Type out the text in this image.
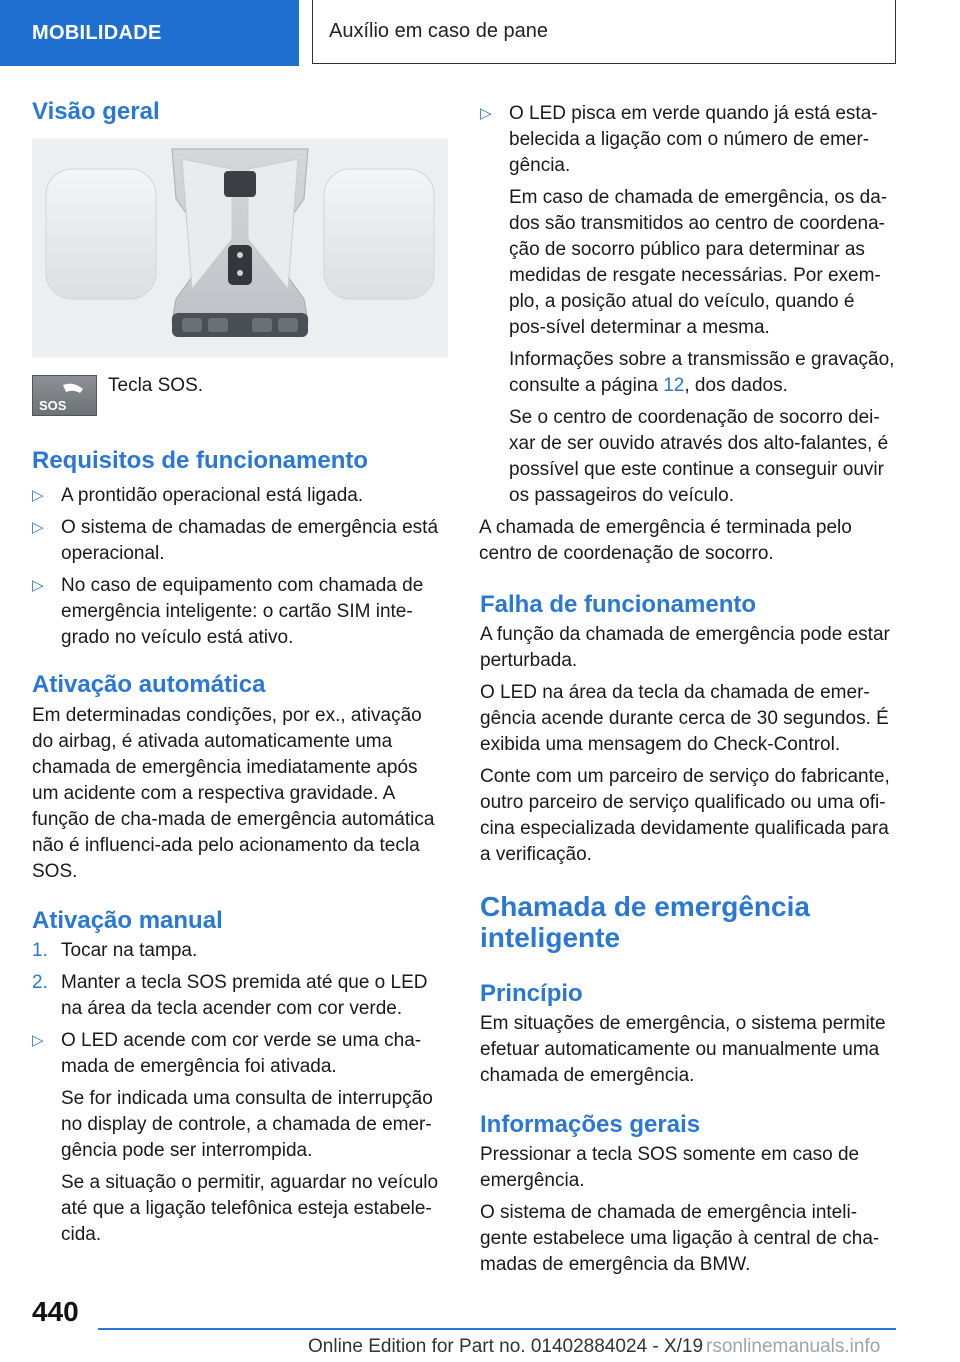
MOBILIDADE	Auxílio em caso de pane
Visão geral
SOS

Tecla SOS.

Requisitos de funcionamento
▷ A prontidão operacional está ligada.
▷ O sistema de chamadas de emergência está operacional.
▷ No caso de equipamento com chamada de emergência inteligente: o cartão SIM inte-grado no veículo está ativo.
Ativação automática

Em determinadas condições, por ex., ativação do airbag, é ativada automaticamente uma chamada de emergência imediatamente após um acidente com a respectiva gravidade. A função de cha-mada de emergência automática não é influenci-ada pelo acionamento da tecla SOS.

Ativação manual
1. Tocar na tampa.
2. Manter a tecla SOS premida até que o LED na área da tecla acender com cor verde.
▷ O LED acende com cor verde se uma cha-mada de emergência foi ativada.
Se for indicada uma consulta de interrupção no display de controle, a chamada de emer-gência pode ser interrompida.
Se a situação o permitir, aguardar no veículo até que a ligação telefônica esteja estabele-cida.
▷ O LED pisca em verde quando já está esta-belecida a ligação com o número de emer-gência.
Em caso de chamada de emergência, os da-dos são transmitidos ao centro de coordena-ção de socorro público para determinar as medidas de resgate necessárias. Por exem-plo, a posição atual do veículo, quando é pos-sível determinar a mesma.
Informações sobre a transmissão e gravação, consulte a página 12, dos dados.
Se o centro de coordenação de socorro dei-xar de ser ouvido através dos alto-falantes, é possível que este continue a conseguir ouvir os passageiros do veículo.

A chamada de emergência é terminada pelo centro de coordenação de socorro.

Falha de funcionamento

A função da chamada de emergência pode estar perturbada.

O LED na área da tecla da chamada de emer-gência acende durante cerca de 30 segundos. É exibida uma mensagem do Check-Control.

Conte com um parceiro de serviço do fabricante, outro parceiro de serviço qualificado ou uma ofi-cina especializada devidamente qualificada para a verificação.

Chamada de emergência
inteligente
Princípio

Em situações de emergência, o sistema permite efetuar automaticamente ou manualmente uma chamada de emergência.

Informações gerais

Pressionar a tecla SOS somente em caso de emergência.

O sistema de chamada de emergência inteli-gente estabelece uma ligação à central de cha-madas de emergência da BMW.

440
Online Edition for Part no. 01402884024 - X/19 rsonlinemanuals.info
